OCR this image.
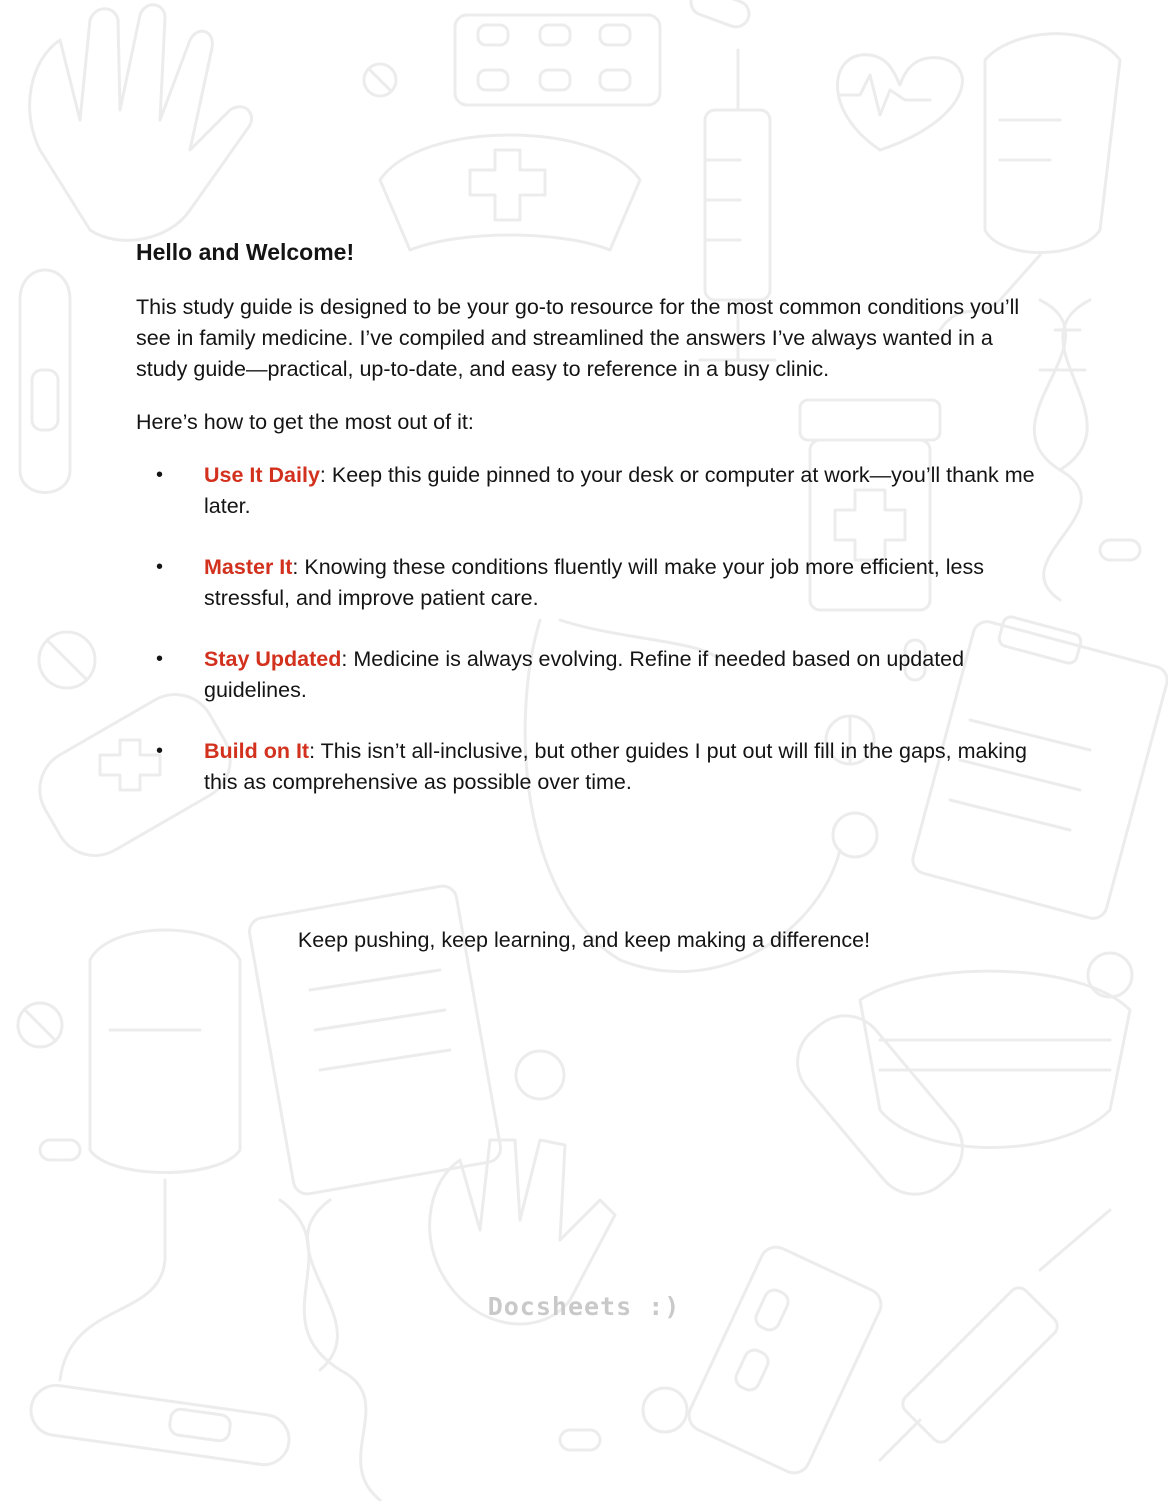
Hello and Welcome!

This study guide is designed to be your go-to resource for the most common conditions you’ll see in family medicine. I’ve compiled and streamlined the answers I’ve always wanted in a study guide—practical, up-to-date, and easy to reference in a busy clinic.

Here’s how to get the most out of it:

• Use It Daily: Keep this guide pinned to your desk or computer at work—you’ll thank me later.
• Master It: Knowing these conditions fluently will make your job more efficient, less stressful, and improve patient care.
• Stay Updated: Medicine is always evolving. Refine if needed based on updated guidelines.
• Build on It: This isn’t all-inclusive, but other guides I put out will fill in the gaps, making this as comprehensive as possible over time.
Keep pushing, keep learning, and keep making a difference!
Docsheets :)
